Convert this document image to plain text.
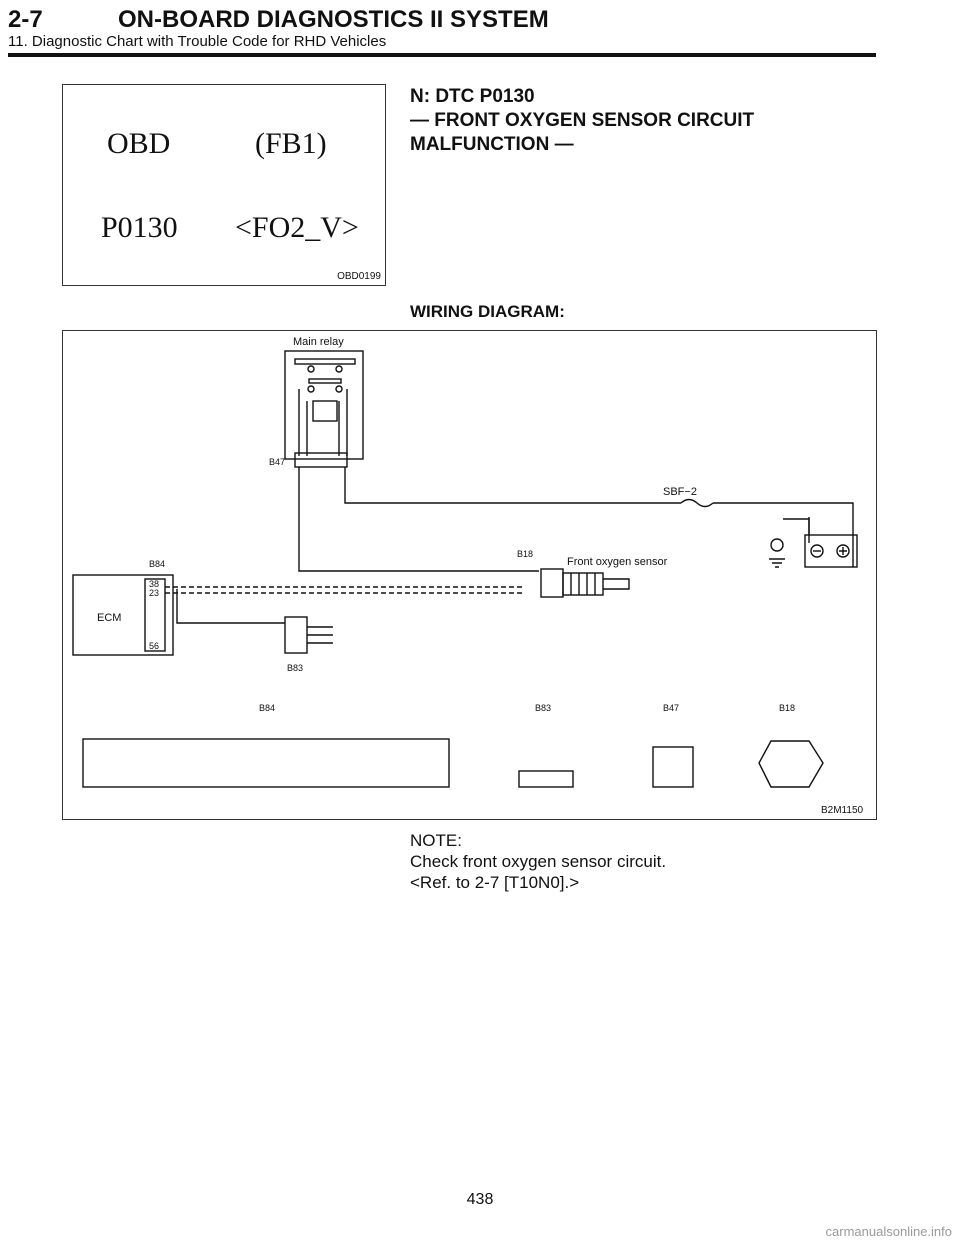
2-7	ON-BOARD DIAGNOSTICS II SYSTEM
11. Diagnostic Chart with Trouble Code for RHD Vehicles
OBD	(FB1)
P0130 <FO2_V>
OBD0199
N: DTC P0130
— FRONT OXYGEN SENSOR CIRCUIT
MALFUNCTION —
WIRING DIAGRAM:
Main relay
SBF−2
Front oxygen sensor
ECM
B47
B84
B18
B83
38
23
56
B84	B83	B47	B18
B2M1150
NOTE:
Check front oxygen sensor circuit.
<Ref. to 2-7 [T10N0].>
438
carmanualsonline.info
